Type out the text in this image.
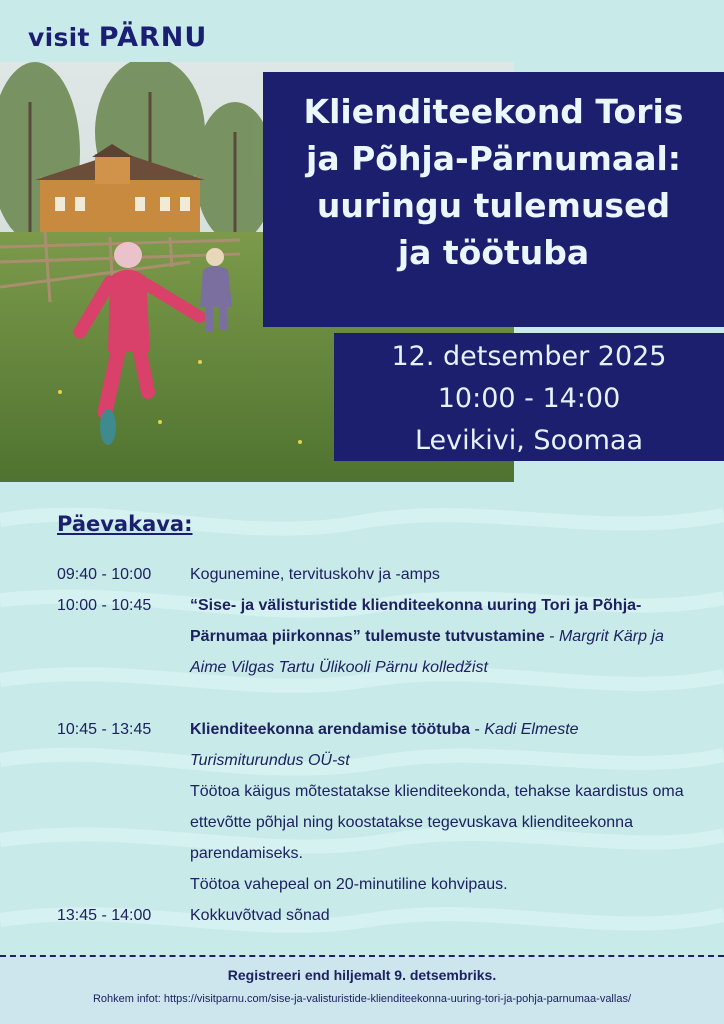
visit PÄRNU
Klienditeekond Toris
ja Põhja-Pärnumaal:
uuringu tulemused
ja töötuba
12. detsember 2025
10:00 - 14:00
Levikivi, Soomaa
Päevakava:
09:40 - 10:00 Kogunemine, tervituskohv ja -amps
10:00 - 10:45 “Sise- ja välisturistide klienditeekonna uuring Tori ja Põhja-Pärnumaa piirkonnas” tulemuste tutvustamine - Margrit Kärp ja Aime Vilgas Tartu Ülikooli Pärnu kolledžist
10:45 - 13:45 Klienditeekonna arendamise töötuba - Kadi Elmeste Turismiturundus OÜ-st
Töötoa käigus mõtestatakse klienditeekonda, tehakse kaardistus oma ettevõtte põhjal ning koostatakse tegevuskava klienditeekonna parendamiseks.
Töötoa vahepeal on 20-minutiline kohvipaus.
13:45 - 14:00 Kokkuvõtvad sõnad
Registreeri end hiljemalt 9. detsembriks.
Rohkem infot: https://visitparnu.com/sise-ja-valisturistide-klienditeekonna-uuring-tori-ja-pohja-parnumaa-vallas/
